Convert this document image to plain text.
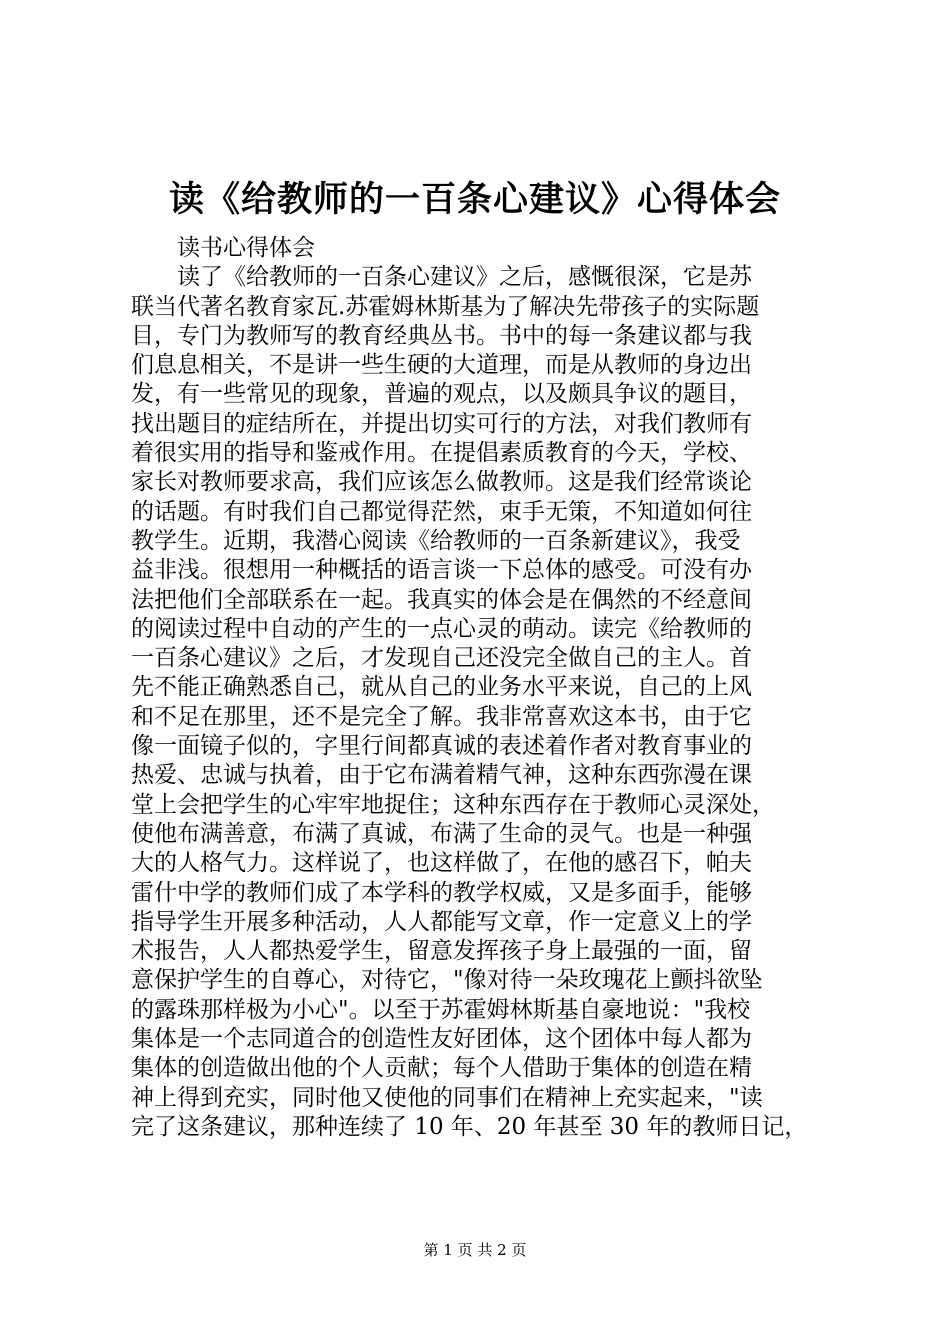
读《给教师的一百条心建议》心得体会
读书心得体会
读了《给教师的一百条心建议》之后，感慨很深，它是苏
联当代著名教育家瓦.苏霍姆林斯基为了解决先带孩子的实际题
目，专门为教师写的教育经典丛书。书中的每一条建议都与我
们息息相关，不是讲一些生硬的大道理，而是从教师的身边出
发，有一些常见的现象，普遍的观点，以及颇具争议的题目，
找出题目的症结所在，并提出切实可行的方法，对我们教师有
着很实用的指导和鉴戒作用。在提倡素质教育的今天，学校、
家长对教师要求高，我们应该怎么做教师。这是我们经常谈论
的话题。有时我们自己都觉得茫然，束手无策，不知道如何往
教学生。近期，我潜心阅读《给教师的一百条新建议》，我受
益非浅。很想用一种概括的语言谈一下总体的感受。可没有办
法把他们全部联系在一起。我真实的体会是在偶然的不经意间
的阅读过程中自动的产生的一点心灵的萌动。读完《给教师的
一百条心建议》之后，才发现自己还没完全做自己的主人。首
先不能正确熟悉自己，就从自己的业务水平来说，自己的上风
和不足在那里，还不是完全了解。我非常喜欢这本书，由于它
像一面镜子似的，字里行间都真诚的表述着作者对教育事业的
热爱、忠诚与执着，由于它布满着精气神，这种东西弥漫在课
堂上会把学生的心牢牢地捉住；这种东西存在于教师心灵深处，
使他布满善意，布满了真诚，布满了生命的灵气。也是一种强
大的人格气力。这样说了，也这样做了，在他的感召下，帕夫
雷什中学的教师们成了本学科的教学权威，又是多面手，能够
指导学生开展多种活动，人人都能写文章，作一定意义上的学
术报告，人人都热爱学生，留意发挥孩子身上最强的一面，留
意保护学生的自尊心，对待它，"像对待一朵玫瑰花上颤抖欲坠
的露珠那样极为小心"。以至于苏霍姆林斯基自豪地说："我校
集体是一个志同道合的创造性友好团体，这个团体中每人都为
集体的创造做出他的个人贡献；每个人借助于集体的创造在精
神上得到充实，同时他又使他的同事们在精神上充实起来，"读
完了这条建议，那种连续了 10 年、20 年甚至 30 年的教师日记，
第 1 页 共 2 页
